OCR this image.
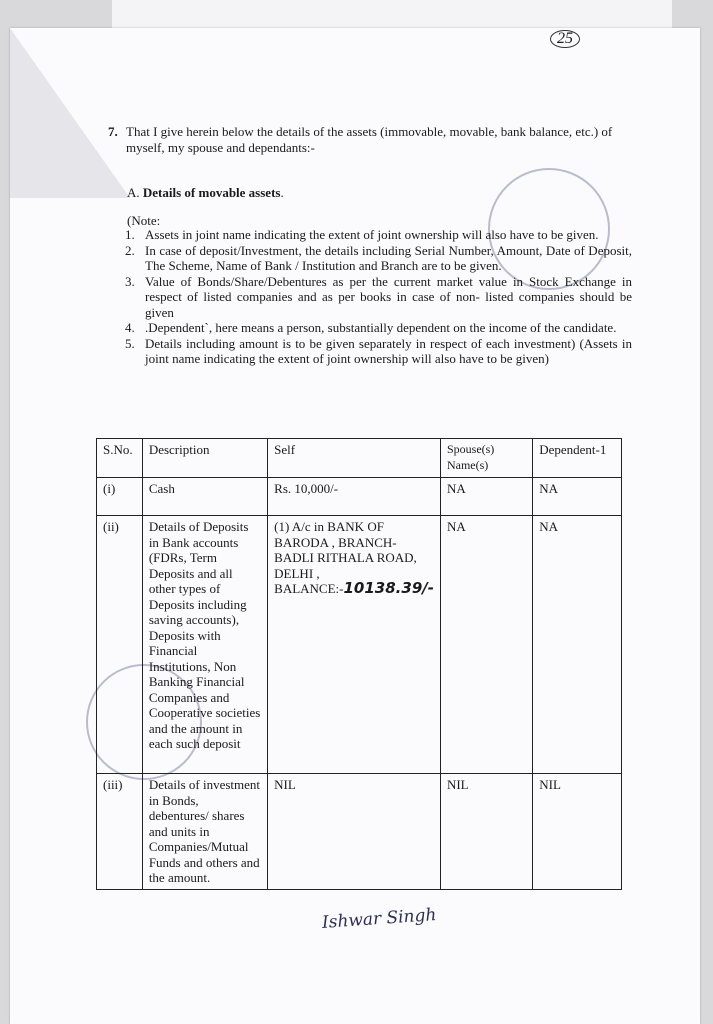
25
7. That I give herein below the details of the assets (immovable, movable, bank balance, etc.) of myself, my spouse and dependants:-
A. Details of movable assets.
(Note:
1. Assets in joint name indicating the extent of joint ownership will also have to be given.
2. In case of deposit/Investment, the details including Serial Number, Amount, Date of Deposit, The Scheme, Name of Bank / Institution and Branch are to be given.
3. Value of Bonds/Share/Debentures as per the current market value in Stock Exchange in respect of listed companies and as per books in case of non- listed companies should be given
4. .Dependent`, here means a person, substantially dependent on the income of the candidate.
5. Details including amount is to be given separately in respect of each investment) (Assets in joint name indicating the extent of joint ownership will also have to be given)
S.No.	Description	Self	Spouse(s) Name(s)	Dependent-1
(i)	Cash	Rs. 10,000/-	NA	NA
(ii)	Details of Deposits in Bank accounts (FDRs, Term Deposits and all other types of Deposits including saving accounts), Deposits with Financial Institutions, Non Banking Financial Companies and Cooperative societies and the amount in each such deposit	(1) A/c in BANK OF BARODA , BRANCH- BADLI RITHALA ROAD, DELHI ,
BALANCE:-10138.39/-	NA	NA
(iii)	Details of investment in Bonds, debentures/ shares and units in Companies/Mutual Funds and others and the amount.	NIL	NIL	NIL
Ishwar Singh
